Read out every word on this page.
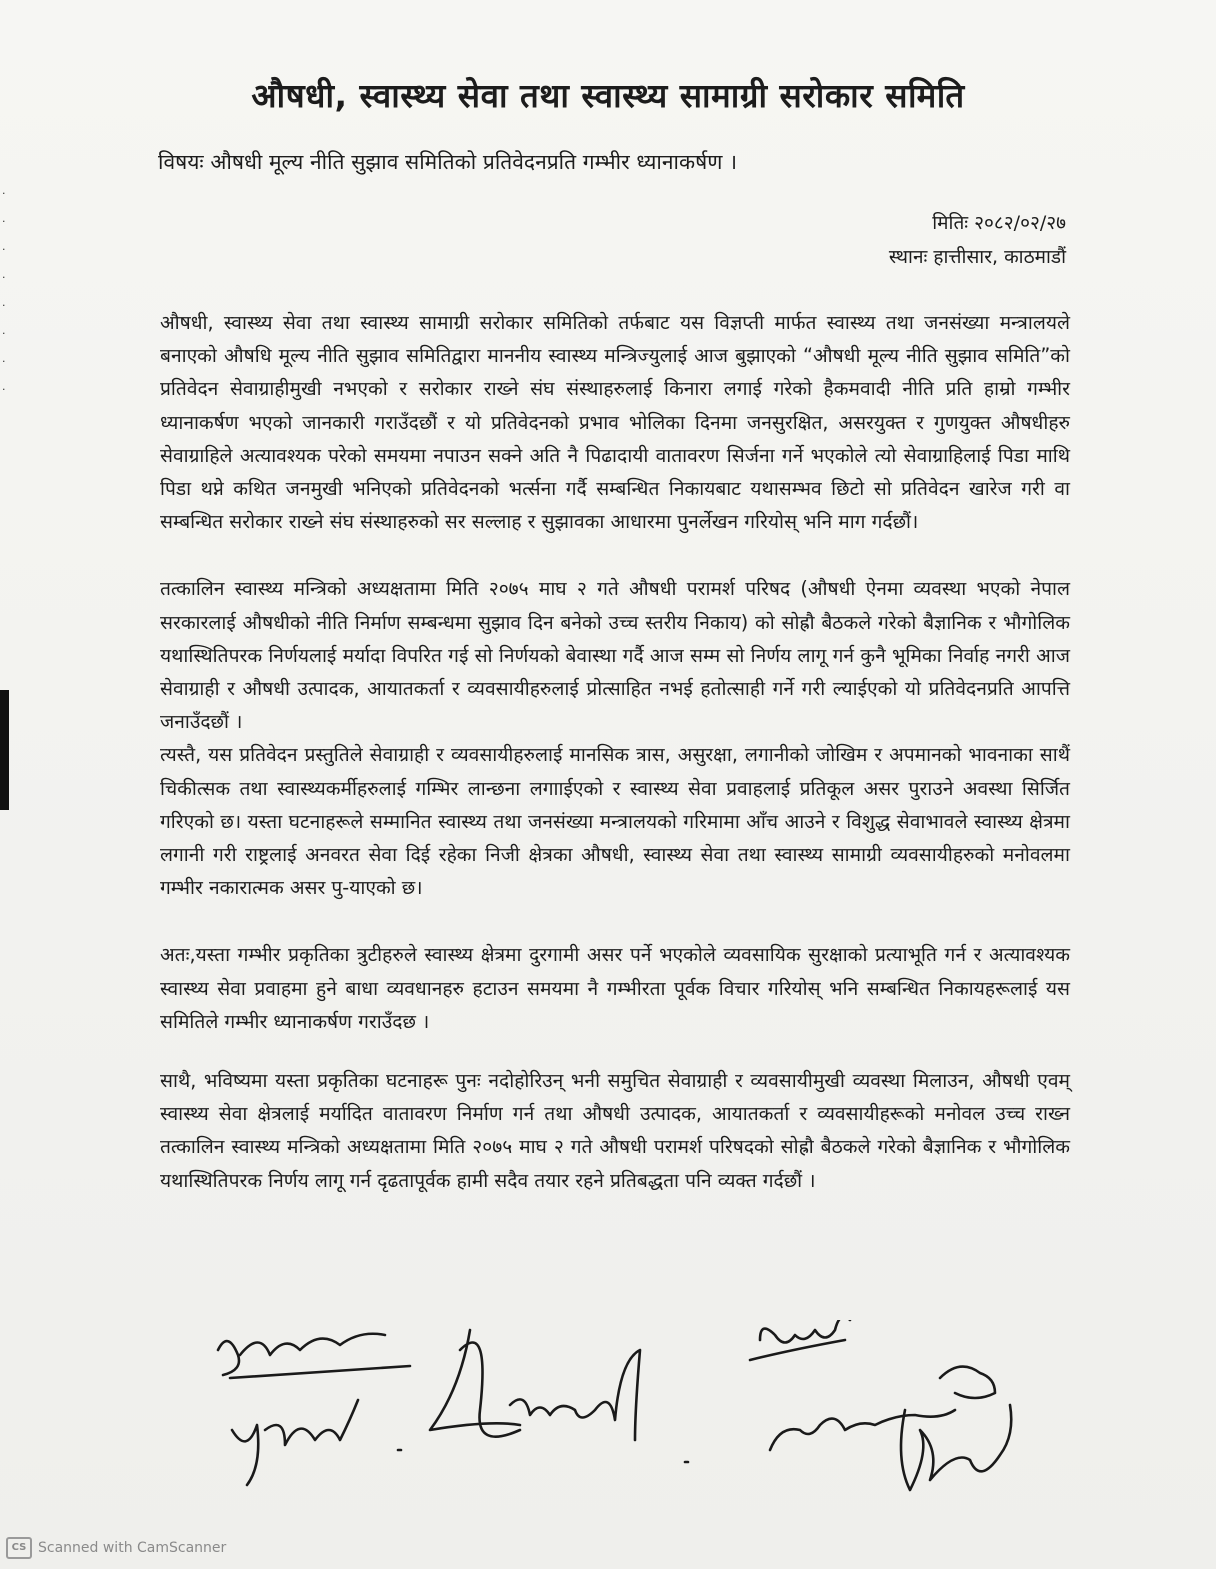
·
·
·
·
·
·
·
·
औषधी, स्वास्थ्य सेवा तथा स्वास्थ्य सामाग्री सरोकार समिति
विषयः औषधी मूल्य नीति सुझाव समितिको प्रतिवेदनप्रति गम्भीर ध्यानाकर्षण ।
मितिः २०८२/०२/२७
स्थानः हात्तीसार, काठमाडौं

औषधी, स्वास्थ्य सेवा तथा स्वास्थ्य सामाग्री सरोकार समितिको तर्फबाट यस विज्ञप्ती मार्फत स्वास्थ्य तथा जनसंख्या मन्त्रालयले बनाएको औषधि मूल्य नीति सुझाव समितिद्वारा माननीय स्वास्थ्य मन्त्रिज्युलाई आज बुझाएको “औषधी मूल्य नीति सुझाव समिति”को प्रतिवेदन सेवाग्राहीमुखी नभएको र सरोकार राख्ने संघ संस्थाहरुलाई किनारा लगाई गरेको हैकमवादी नीति प्रति हाम्रो गम्भीर ध्यानाकर्षण भएको जानकारी गराउँदछौं र यो प्रतिवेदनको प्रभाव भोलिका दिनमा जनसुरक्षित, असरयुक्त र गुणयुक्त औषधीहरु सेवाग्राहिले अत्यावश्यक परेको समयमा नपाउन सक्ने अति नै पिढादायी वातावरण सिर्जना गर्ने भएकोले त्यो सेवाग्राहिलाई पिडा माथि पिडा थप्ने कथित जनमुखी भनिएको प्रतिवेदनको भर्त्सना गर्दै सम्बन्धित निकायबाट यथासम्भव छिटो सो प्रतिवेदन खारेज गरी वा सम्बन्धित सरोकार राख्ने संघ संस्थाहरुको सर सल्लाह र सुझावका आधारमा पुनर्लेखन गरियोस् भनि माग गर्दछौं।

तत्कालिन स्वास्थ्य मन्त्रिको अध्यक्षतामा मिति २०७५ माघ २ गते औषधी परामर्श परिषद (औषधी ऐनमा व्यवस्था भएको नेपाल सरकारलाई औषधीको नीति निर्माण सम्बन्धमा सुझाव दिन बनेको उच्च स्तरीय निकाय) को सोह्रौ बैठकले गरेको बैज्ञानिक र भौगोलिक यथास्थितिपरक निर्णयलाई मर्यादा विपरित गई सो निर्णयको बेवास्था गर्दै आज सम्म सो निर्णय लागू गर्न कुनै भूमिका निर्वाह नगरी आज सेवाग्राही र औषधी उत्पादक, आयातकर्ता र व्यवसायीहरुलाई प्रोत्साहित नभई हतोत्साही गर्ने गरी ल्याईएको यो प्रतिवेदनप्रति आपत्ति जनाउँदछौं ।

त्यस्तै, यस प्रतिवेदन प्रस्तुतिले सेवाग्राही र व्यवसायीहरुलाई मानसिक त्रास, असुरक्षा, लगानीको जोखिम र अपमानको भावनाका साथैं चिकीत्सक तथा स्वास्थ्यकर्मीहरुलाई गम्भिर लान्छना लगााईएको र स्वास्थ्य सेवा प्रवाहलाई प्रतिकूल असर पुराउने अवस्था सिर्जित गरिएको छ। यस्ता घटनाहरूले सम्मानित स्वास्थ्य तथा जनसंख्या मन्त्रालयको गरिमामा आँच आउने र विशुद्ध सेवाभावले स्वास्थ्य क्षेत्रमा लगानी गरी राष्ट्रलाई अनवरत सेवा दिई रहेका निजी क्षेत्रका औषधी, स्वास्थ्य सेवा तथा स्वास्थ्य सामाग्री व्यवसायीहरुको मनोवलमा गम्भीर नकारात्मक असर पु-याएको छ।

अतः,यस्ता गम्भीर प्रकृतिका त्रुटीहरुले स्वास्थ्य क्षेत्रमा दुरगामी असर पर्ने भएकोले व्यवसायिक सुरक्षाको प्रत्याभूति गर्न र अत्यावश्यक स्वास्थ्य सेवा प्रवाहमा हुने बाधा व्यवधानहरु हटाउन समयमा नै गम्भीरता पूर्वक विचार गरियोस् भनि सम्बन्धित निकायहरूलाई यस समितिले गम्भीर ध्यानाकर्षण गराउँदछ ।

साथै, भविष्यमा यस्ता प्रकृतिका घटनाहरू पुनः नदोहोरिउन् भनी समुचित सेवाग्राही र व्यवसायीमुखी व्यवस्था मिलाउन, औषधी एवम् स्वास्थ्य सेवा क्षेत्रलाई मर्यादित वातावरण निर्माण गर्न तथा औषधी उत्पादक, आयातकर्ता र व्यवसायीहरूको मनोवल उच्च राख्न तत्कालिन स्वास्थ्य मन्त्रिको अध्यक्षतामा मिति २०७५ माघ २ गते औषधी परामर्श परिषदको सोह्रौ बैठकले गरेको बैज्ञानिक र भौगोलिक यथास्थितिपरक निर्णय लागू गर्न दृढतापूर्वक हामी सदैव तयार रहने प्रतिबद्धता पनि व्यक्त गर्दछौं ।

CS Scanned with CamScanner
